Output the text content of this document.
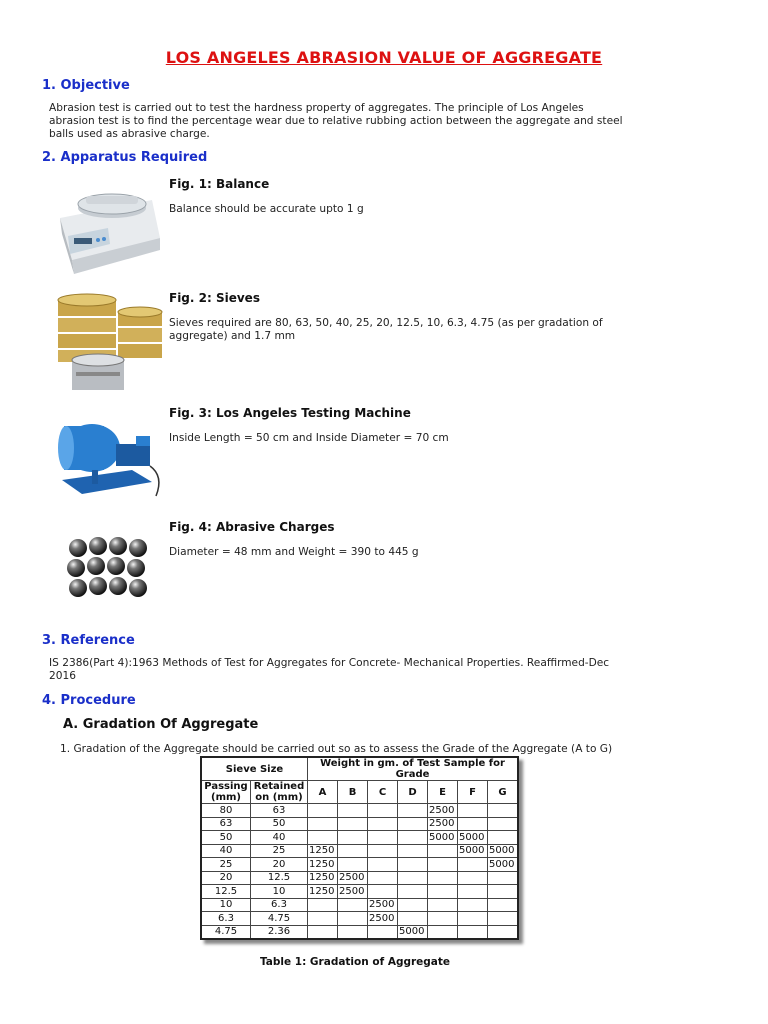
LOS ANGELES ABRASION VALUE OF AGGREGATE
1. Objective
Abrasion test is carried out to test the hardness property of aggregates. The principle of Los Angeles abrasion test is to find the percentage wear due to relative rubbing action between the aggregate and steel balls used as abrasive charge.
2. Apparatus Required
Fig. 1: Balance
Balance should be accurate upto 1 g
Fig. 2: Sieves
Sieves required are 80, 63, 50, 40, 25, 20, 12.5, 10, 6.3, 4.75 (as per gradation of aggregate) and 1.7 mm
Fig. 3: Los Angeles Testing Machine
Inside Length = 50 cm and Inside Diameter = 70 cm
Fig. 4: Abrasive Charges
Diameter = 48 mm and Weight = 390 to 445 g
3. Reference
IS 2386(Part 4):1963 Methods of Test for Aggregates for Concrete- Mechanical Properties. Reaffirmed-Dec 2016
4. Procedure
A. Gradation Of Aggregate
1. Gradation of the Aggregate should be carried out so as to assess the Grade of the Aggregate (A to G)
Sieve Size		Weight in gm. of Test Sample for Grade						
Passing (mm)	Retained on (mm)	A	B	C	D	E	F	G
80	63					2500		
63	50					2500		
50	40					5000	5000	
40	25	1250					5000	5000
25	20	1250						5000
20	12.5	1250	2500					
12.5	10	1250	2500					
10	6.3			2500				
6.3	4.75			2500				
4.75	2.36				5000			
Table 1: Gradation of Aggregate
